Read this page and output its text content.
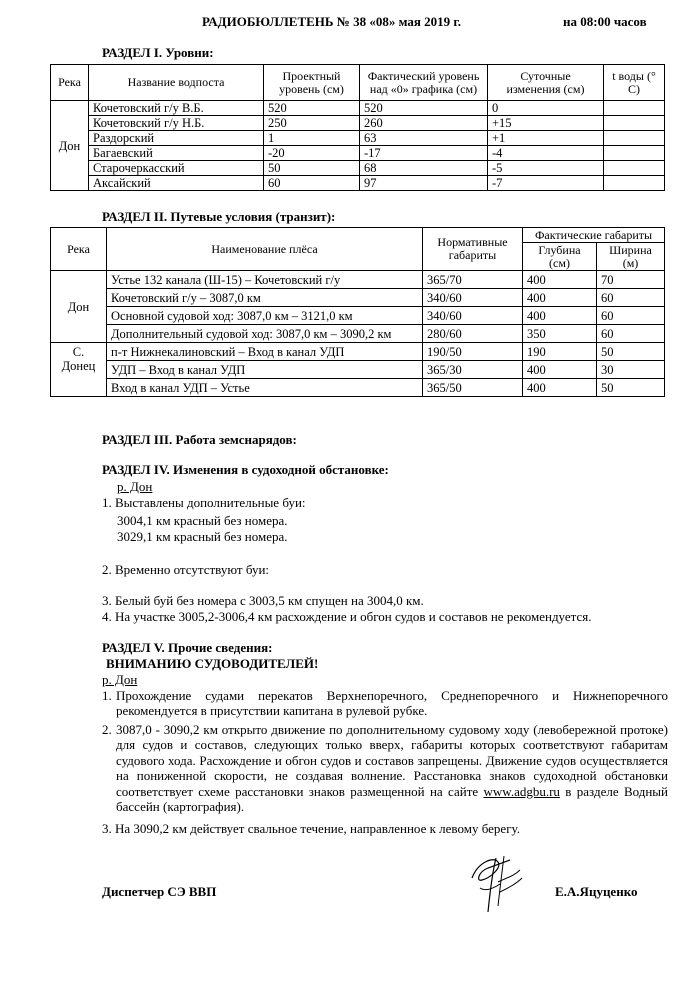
РАДИОБЮЛЛЕТЕНЬ № 38 «08» мая 2019 г.	на 08:00 часов
РАЗДЕЛ I. Уровни:
Река	Название водпоста	Проектный уровень (см)	Фактический уровень над «0» графика (см)	Суточные изменения (см)	t воды (° С)
Дон	Кочетовский г/у В.Б.	520	520	0	
	Кочетовский г/у Н.Б.	250	260	+15	
	Раздорский	1	63	+1	
	Багаевский	-20	-17	-4	
	Старочеркасский	50	68	-5	
	Аксайский	60	97	-7	
РАЗДЕЛ II. Путевые условия (транзит):
Река	Наименование плёса	Нормативные габариты	Фактические габариты	
			Глубина (см)	Ширина (м)
Дон	Устье 132 канала (Ш-15) – Кочетовский г/у	365/70	400	70
	Кочетовский г/у – 3087,0 км	340/60	400	60
	Основной судовой ход: 3087,0 км – 3121,0 км	340/60	400	60
	Дополнительный судовой ход: 3087,0 км – 3090,2 км	280/60	350	60
С. Донец	п-т Нижнекалиновский – Вход в канал УДП	190/50	190	50
	УДП – Вход в канал УДП	365/30	400	30
	Вход в канал УДП – Устье	365/50	400	50
РАЗДЕЛ III. Работа земснарядов:
РАЗДЕЛ IV. Изменения в судоходной обстановке:
р. Дон
1. Выставлены дополнительные буи:
3004,1 км красный без номера.
3029,1 км красный без номера.
2. Временно отсутствуют буи:
3. Белый буй без номера с 3003,5 км спущен на 3004,0 км.
4. На участке 3005,2-3006,4 км расхождение и обгон судов и составов не рекомендуется.
РАЗДЕЛ V. Прочие сведения:
ВНИМАНИЮ СУДОВОДИТЕЛЕЙ!
р. Дон
1. Прохождение судами перекатов Верхнепоречного, Среднепоречного и Нижнепоречного рекомендуется в присутствии капитана в рулевой рубке.
2. 3087,0 - 3090,2 км открыто движение по дополнительному судовому ходу (левобережной протоке) для судов и составов, следующих только вверх, габариты которых соответствуют габаритам судового хода. Расхождение и обгон судов и составов запрещены. Движение судов осуществляется на пониженной скорости, не создавая волнение. Расстановка знаков судоходной обстановки соответствует схеме расстановки знаков размещенной на сайте www.adgbu.ru в разделе Водный бассейн (картография).
3. На 3090,2 км действует свальное течение, направленное к левому берегу.
Диспетчер СЭ ВВП	Е.А.Яцуценко
